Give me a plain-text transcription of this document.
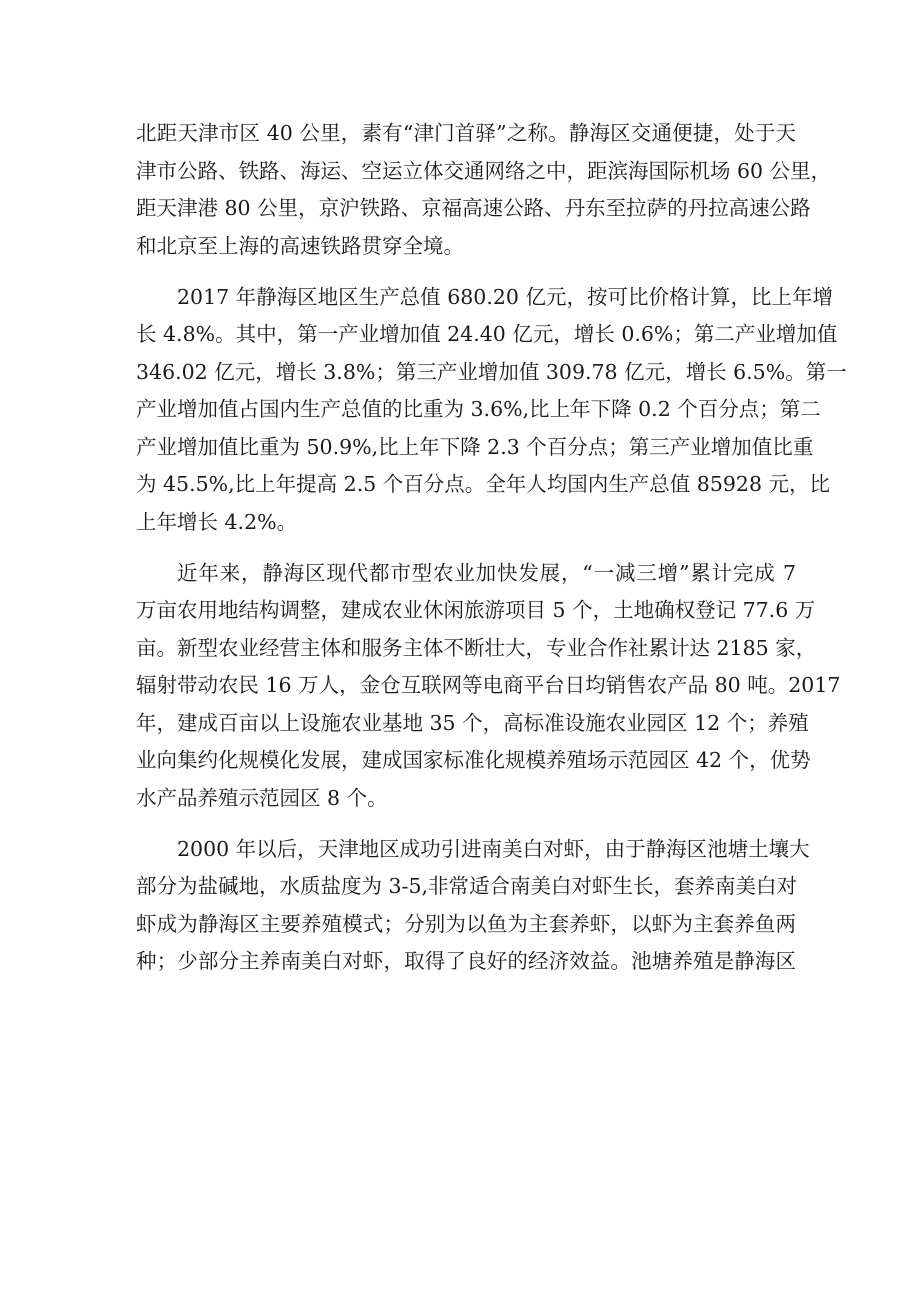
北距天津市区 40 公里，素有“津门首驿”之称。静海区交通便捷，处于天
津市公路、铁路、海运、空运立体交通网络之中，距滨海国际机场 60 公里，
距天津港 80 公里，京沪铁路、京福高速公路、丹东至拉萨的丹拉高速公路
和北京至上海的高速铁路贯穿全境。
2017 年静海区地区生产总值 680.20 亿元，按可比价格计算，比上年增
长 4.8%。其中，第一产业增加值 24.40 亿元，增长 0.6%；第二产业增加值
346.02 亿元，增长 3.8%；第三产业增加值 309.78 亿元，增长 6.5%。第一
产业增加值占国内生产总值的比重为 3.6%,比上年下降 0.2 个百分点；第二
产业增加值比重为 50.9%,比上年下降 2.3 个百分点；第三产业增加值比重
为 45.5%,比上年提高 2.5 个百分点。全年人均国内生产总值 85928 元，比
上年增长 4.2%。
近年来，静海区现代都市型农业加快发展，“一减三增”累计完成 7
万亩农用地结构调整，建成农业休闲旅游项目 5 个，土地确权登记 77.6 万
亩。新型农业经营主体和服务主体不断壮大，专业合作社累计达 2185 家，
辐射带动农民 16 万人，金仓互联网等电商平台日均销售农产品 80 吨。2017
年，建成百亩以上设施农业基地 35 个，高标准设施农业园区 12 个；养殖
业向集约化规模化发展，建成国家标准化规模养殖场示范园区 42 个，优势
水产品养殖示范园区 8 个。
2000 年以后，天津地区成功引进南美白对虾，由于静海区池塘土壤大
部分为盐碱地，水质盐度为 3-5,非常适合南美白对虾生长，套养南美白对
虾成为静海区主要养殖模式；分别为以鱼为主套养虾，以虾为主套养鱼两
种；少部分主养南美白对虾，取得了良好的经济效益。池塘养殖是静海区
